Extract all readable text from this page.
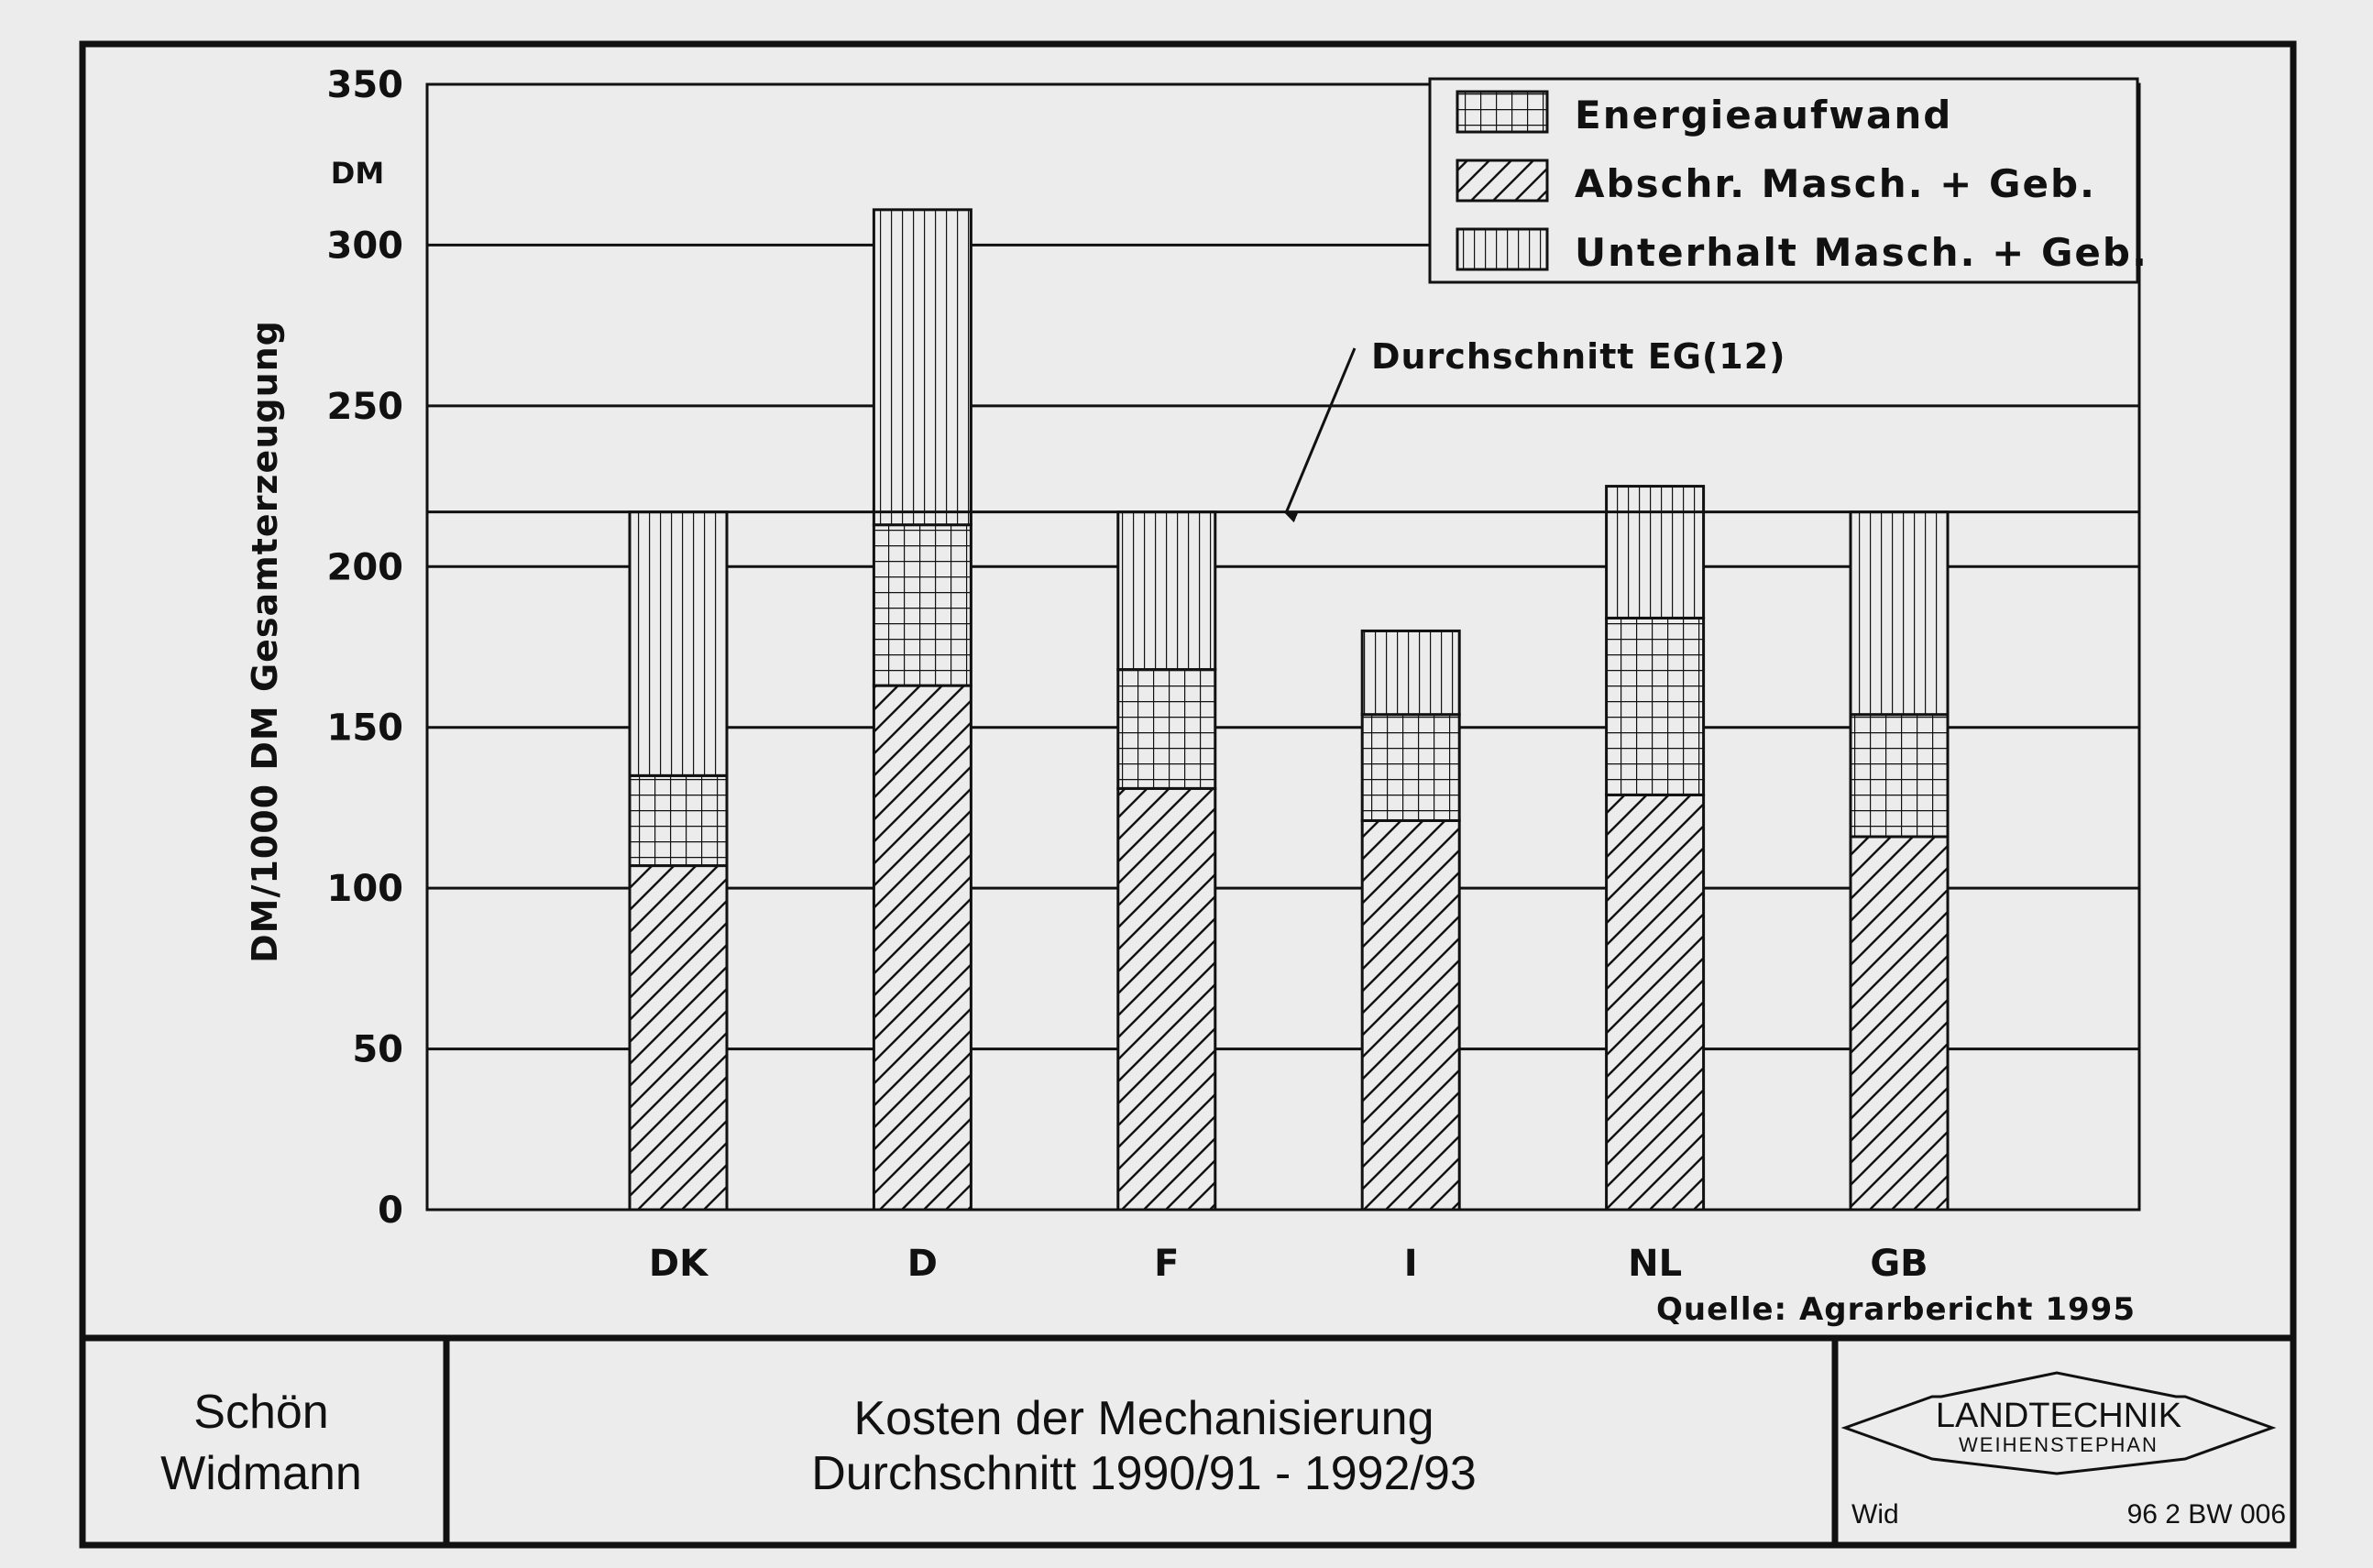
0
50
100
150
200
250
300
350
DK	D	F	I	NL	GB
DM/1000 DM Gesamterzeugung
DM
Durchschnitt EG(12)
Energieaufwand
Abschr. Masch. + Geb.
Unterhalt Masch. + Geb.
Quelle: Agrarbericht 1995
Schön
Widmann
Kosten der Mechanisierung
Durchschnitt 1990/91 - 1992/93
LANDTECHNIK
WEIHENSTEPHAN
Wid	96 2 BW 006
